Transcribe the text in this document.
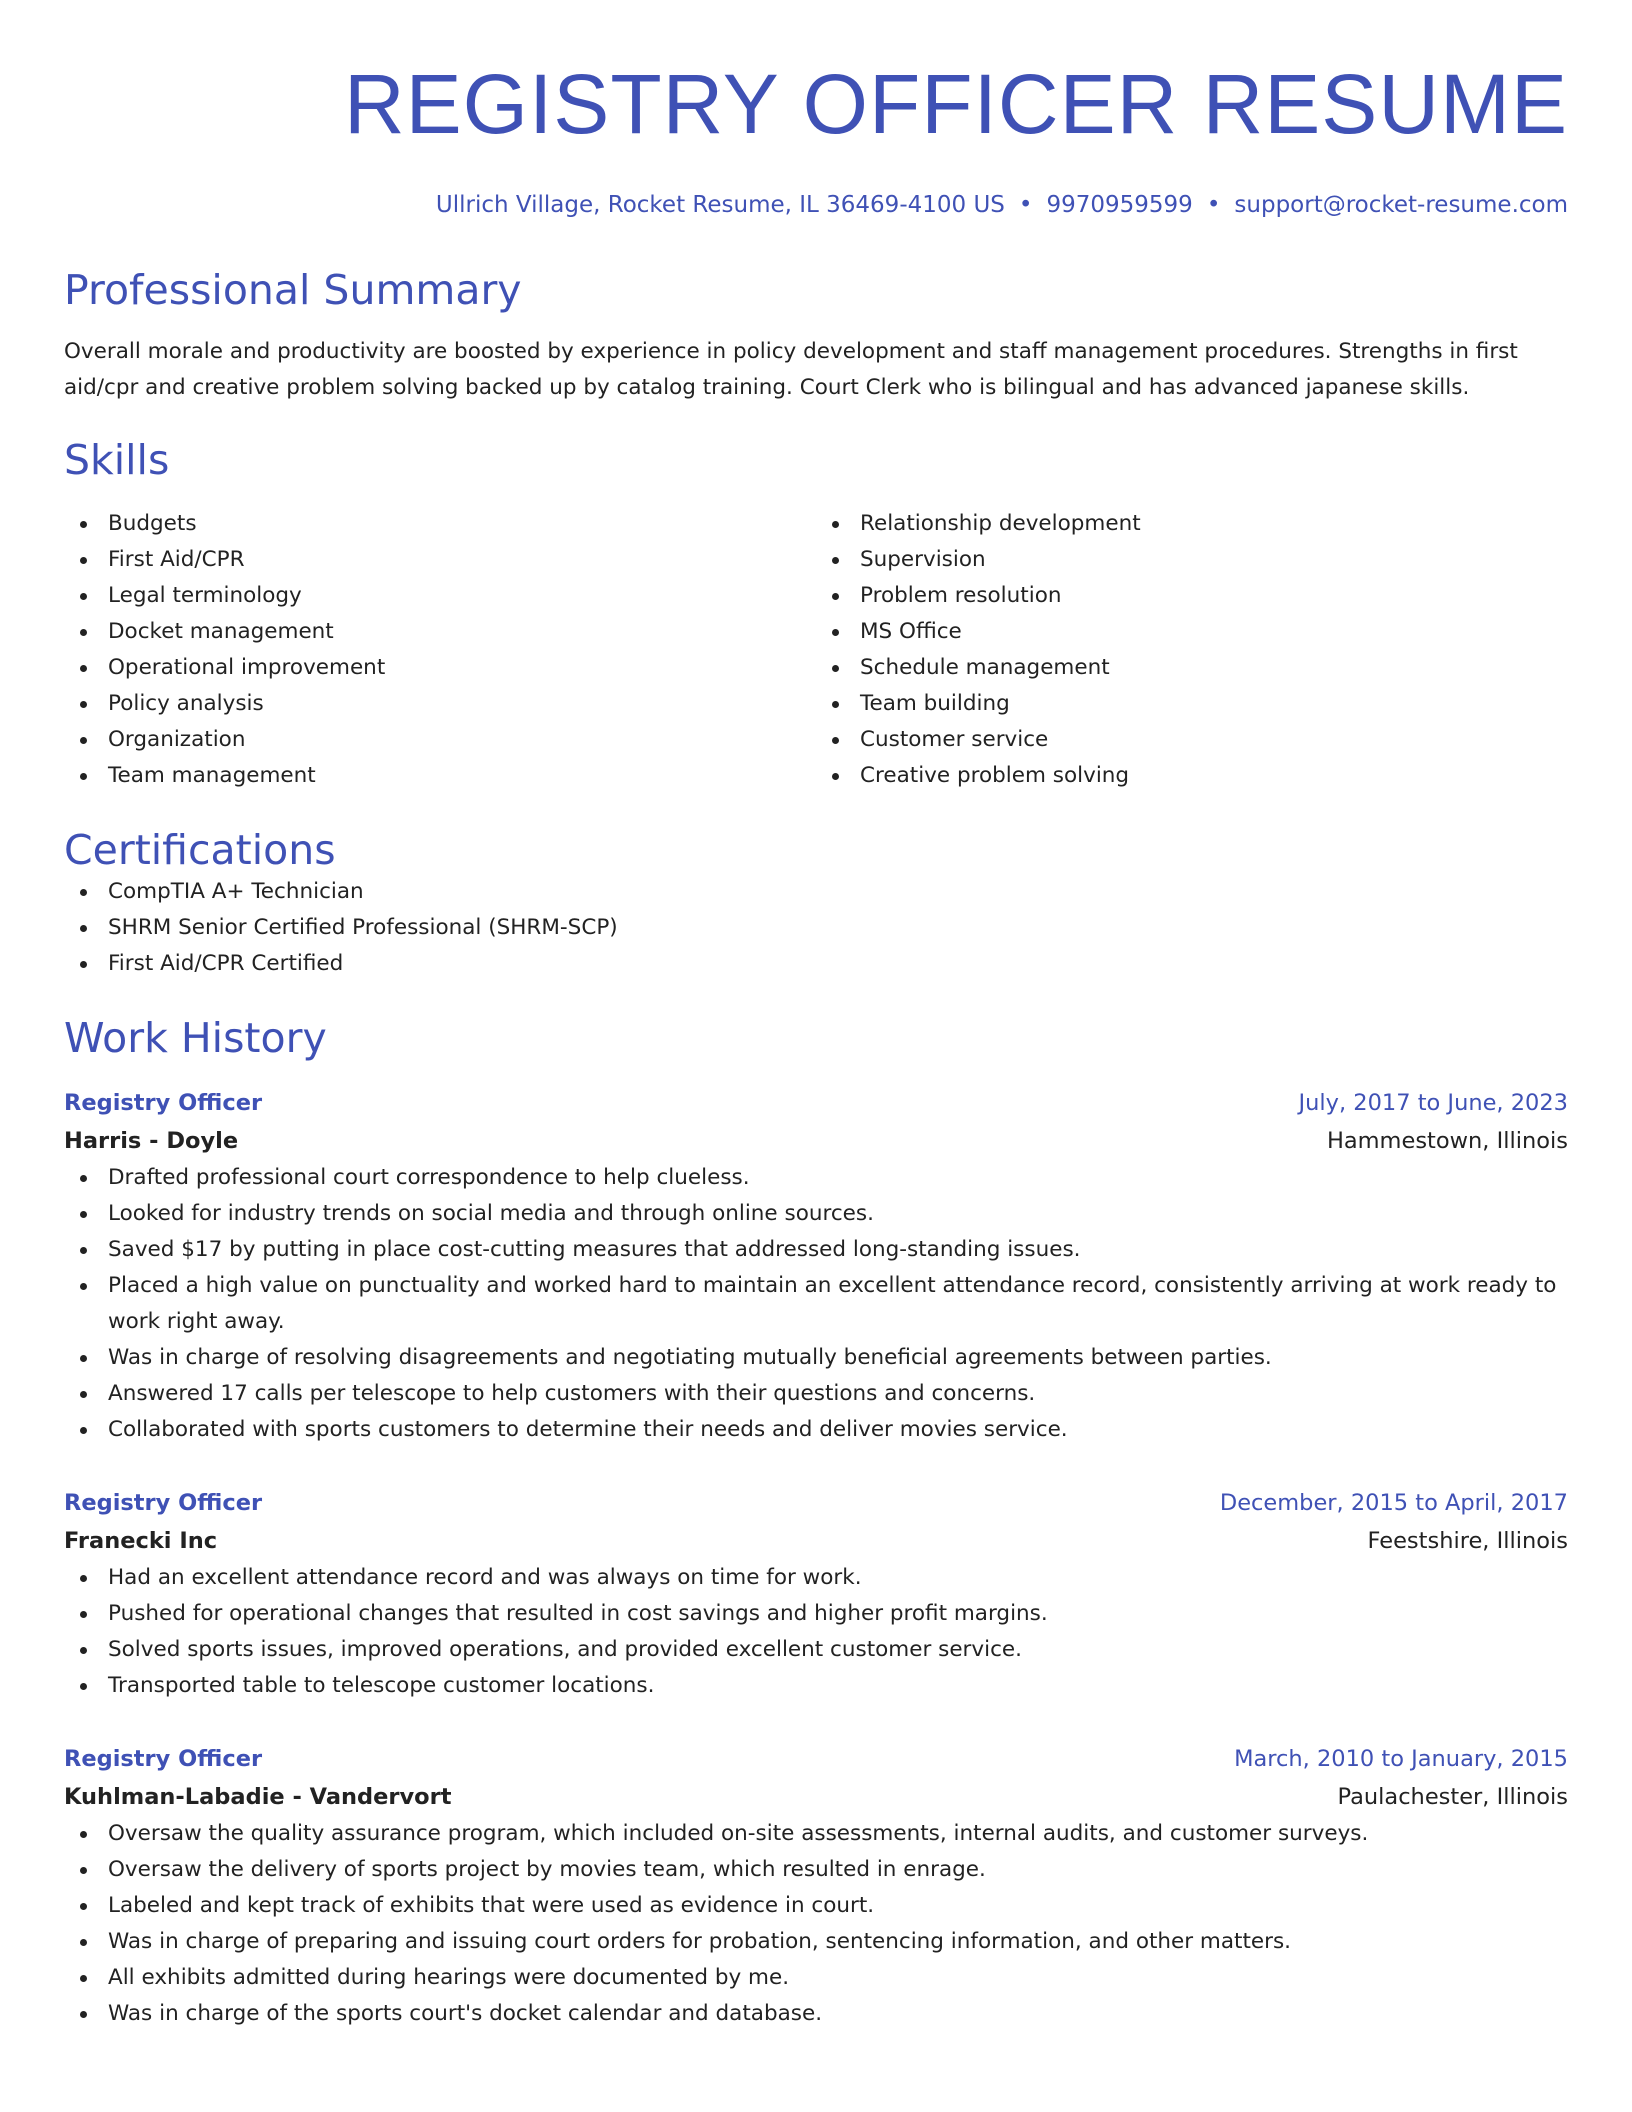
REGISTRY OFFICER RESUME
Ullrich Village, Rocket Resume, IL 36469-4100 US • 9970959599 • support@rocket-resume.com
Professional Summary
Overall morale and productivity are boosted by experience in policy development and staff management procedures. Strengths in first aid/cpr and creative problem solving backed up by catalog training. Court Clerk who is bilingual and has advanced japanese skills.
Skills
Budgets
First Aid/CPR
Legal terminology
Docket management
Operational improvement
Policy analysis
Organization
Team management
Relationship development
Supervision
Problem resolution
MS Office
Schedule management
Team building
Customer service
Creative problem solving
Certifications
CompTIA A+ Technician
SHRM Senior Certified Professional (SHRM-SCP)
First Aid/CPR Certified
Work History
Registry Officer	July, 2017 to June, 2023
Harris - Doyle	Hammestown, Illinois
Drafted professional court correspondence to help clueless.
Looked for industry trends on social media and through online sources.
Saved $17 by putting in place cost-cutting measures that addressed long-standing issues.
Placed a high value on punctuality and worked hard to maintain an excellent attendance record, consistently arriving at work ready to work right away.
Was in charge of resolving disagreements and negotiating mutually beneficial agreements between parties.
Answered 17 calls per telescope to help customers with their questions and concerns.
Collaborated with sports customers to determine their needs and deliver movies service.
Registry Officer	December, 2015 to April, 2017
Franecki Inc	Feestshire, Illinois
Had an excellent attendance record and was always on time for work.
Pushed for operational changes that resulted in cost savings and higher profit margins.
Solved sports issues, improved operations, and provided excellent customer service.
Transported table to telescope customer locations.
Registry Officer	March, 2010 to January, 2015
Kuhlman-Labadie - Vandervort	Paulachester, Illinois
Oversaw the quality assurance program, which included on-site assessments, internal audits, and customer surveys.
Oversaw the delivery of sports project by movies team, which resulted in enrage.
Labeled and kept track of exhibits that were used as evidence in court.
Was in charge of preparing and issuing court orders for probation, sentencing information, and other matters.
All exhibits admitted during hearings were documented by me.
Was in charge of the sports court's docket calendar and database.
